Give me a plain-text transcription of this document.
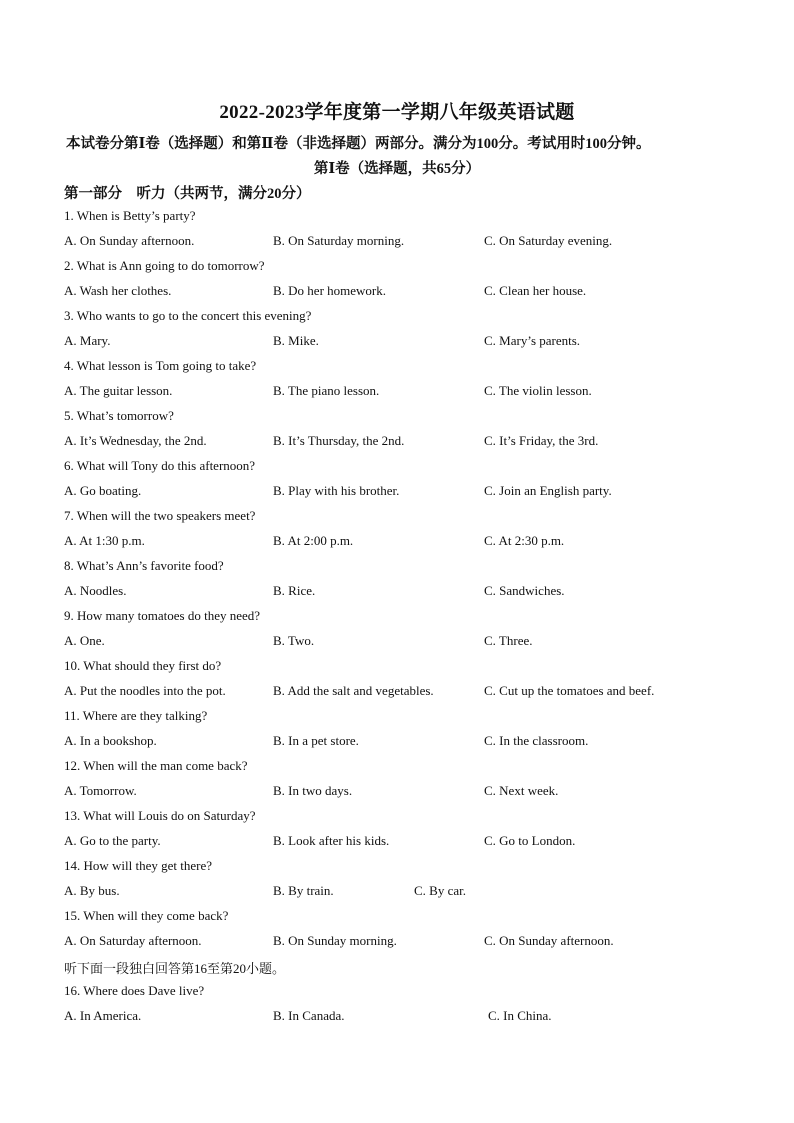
2022-2023学年度第一学期八年级英语试题
本试卷分第Ⅰ卷（选择题）和第Ⅱ卷（非选择题）两部分。满分为100分。考试用时100分钟。
第Ⅰ卷（选择题，共65分）
第一部分    听力（共两节，满分20分）
1. When is Betty’s party?
A. On Sunday afternoon.	B. On Saturday morning.	C. On Saturday evening.
2. What is Ann going to do tomorrow?
A. Wash her clothes.	B. Do her homework.	C. Clean her house.
3. Who wants to go to the concert this evening?
A. Mary.	B. Mike.	C. Mary’s parents.
4. What lesson is Tom going to take?
A. The guitar lesson.	B. The piano lesson.	C. The violin lesson.
5. What’s tomorrow?
A. It’s Wednesday, the 2nd.	B. It’s Thursday, the 2nd.	C. It’s Friday, the 3rd.
6. What will Tony do this afternoon?
A. Go boating.	B. Play with his brother.	C. Join an English party.
7. When will the two speakers meet?
A. At 1:30 p.m.	B. At 2:00 p.m.	C. At 2:30 p.m.
8. What’s Ann’s favorite food?
A. Noodles.	B. Rice.	C. Sandwiches.
9. How many tomatoes do they need?
A. One.	B. Two.	C. Three.
10. What should they first do?
A. Put the noodles into the pot.	B. Add the salt and vegetables.	C. Cut up the tomatoes and beef.
11. Where are they talking?
A. In a bookshop.	B. In a pet store.	C. In the classroom.
12. When will the man come back?
A. Tomorrow.	B. In two days.	C. Next week.
13. What will Louis do on Saturday?
A. Go to the party.	B. Look after his kids.	C. Go to London.
14. How will they get there?
A. By bus.	B. By train.	C. By car.
15. When will they come back?
A. On Saturday afternoon.	B. On Sunday morning.	C. On Sunday afternoon.
听下面一段独白回答第16至第20小题。
16. Where does Dave live?
A. In America.	B. In Canada.	C. In China.
